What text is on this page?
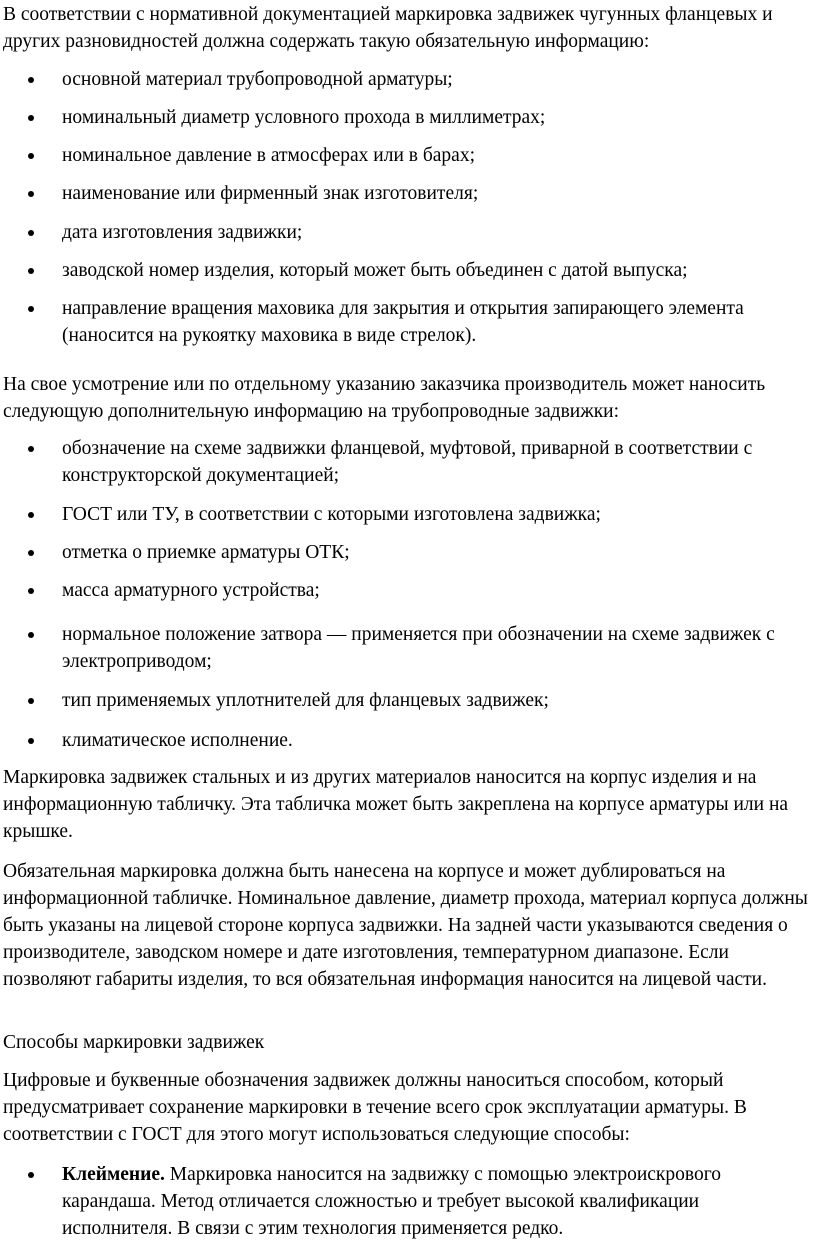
В соответствии с нормативной документацией маркировка задвижек чугунных фланцевых и других разновидностей должна содержать такую обязательную информацию:

основной материал трубопроводной арматуры;
номинальный диаметр условного прохода в миллиметрах;
номинальное давление в атмосферах или в барах;
наименование или фирменный знак изготовителя;
дата изготовления задвижки;
заводской номер изделия, который может быть объединен с датой выпуска;
направление вращения маховика для закрытия и открытия запирающего элемента (наносится на рукоятку маховика в виде стрелок).

На свое усмотрение или по отдельному указанию заказчика производитель может наносить следующую дополнительную информацию на трубопроводные задвижки:

обозначение на схеме задвижки фланцевой, муфтовой, приварной в соответствии с конструкторской документацией;
ГОСТ или ТУ, в соответствии с которыми изготовлена задвижка;
отметка о приемке арматуры ОТК;
масса арматурного устройства;
нормальное положение затвора — применяется при обозначении на схеме задвижек с электроприводом;
тип применяемых уплотнителей для фланцевых задвижек;
климатическое исполнение.

Маркировка задвижек стальных и из других материалов наносится на корпус изделия и на информационную табличку. Эта табличка может быть закреплена на корпусе арматуры или на крышке.

Обязательная маркировка должна быть нанесена на корпусе и может дублироваться на информационной табличке. Номинальное давление, диаметр прохода, материал корпуса должны быть указаны на лицевой стороне корпуса задвижки. На задней части указываются сведения о производителе, заводском номере и дате изготовления, температурном диапазоне. Если позволяют габариты изделия, то вся обязательная информация наносится на лицевой части.

Способы маркировки задвижек

Цифровые и буквенные обозначения задвижек должны наноситься способом, который предусматривает сохранение маркировки в течение всего срок эксплуатации арматуры. В соответствии с ГОСТ для этого могут использоваться следующие способы:

Клеймение. Маркировка наносится на задвижку с помощью электроискрового карандаша. Метод отличается сложностью и требует высокой квалификации исполнителя. В связи с этим технология применяется редко.
